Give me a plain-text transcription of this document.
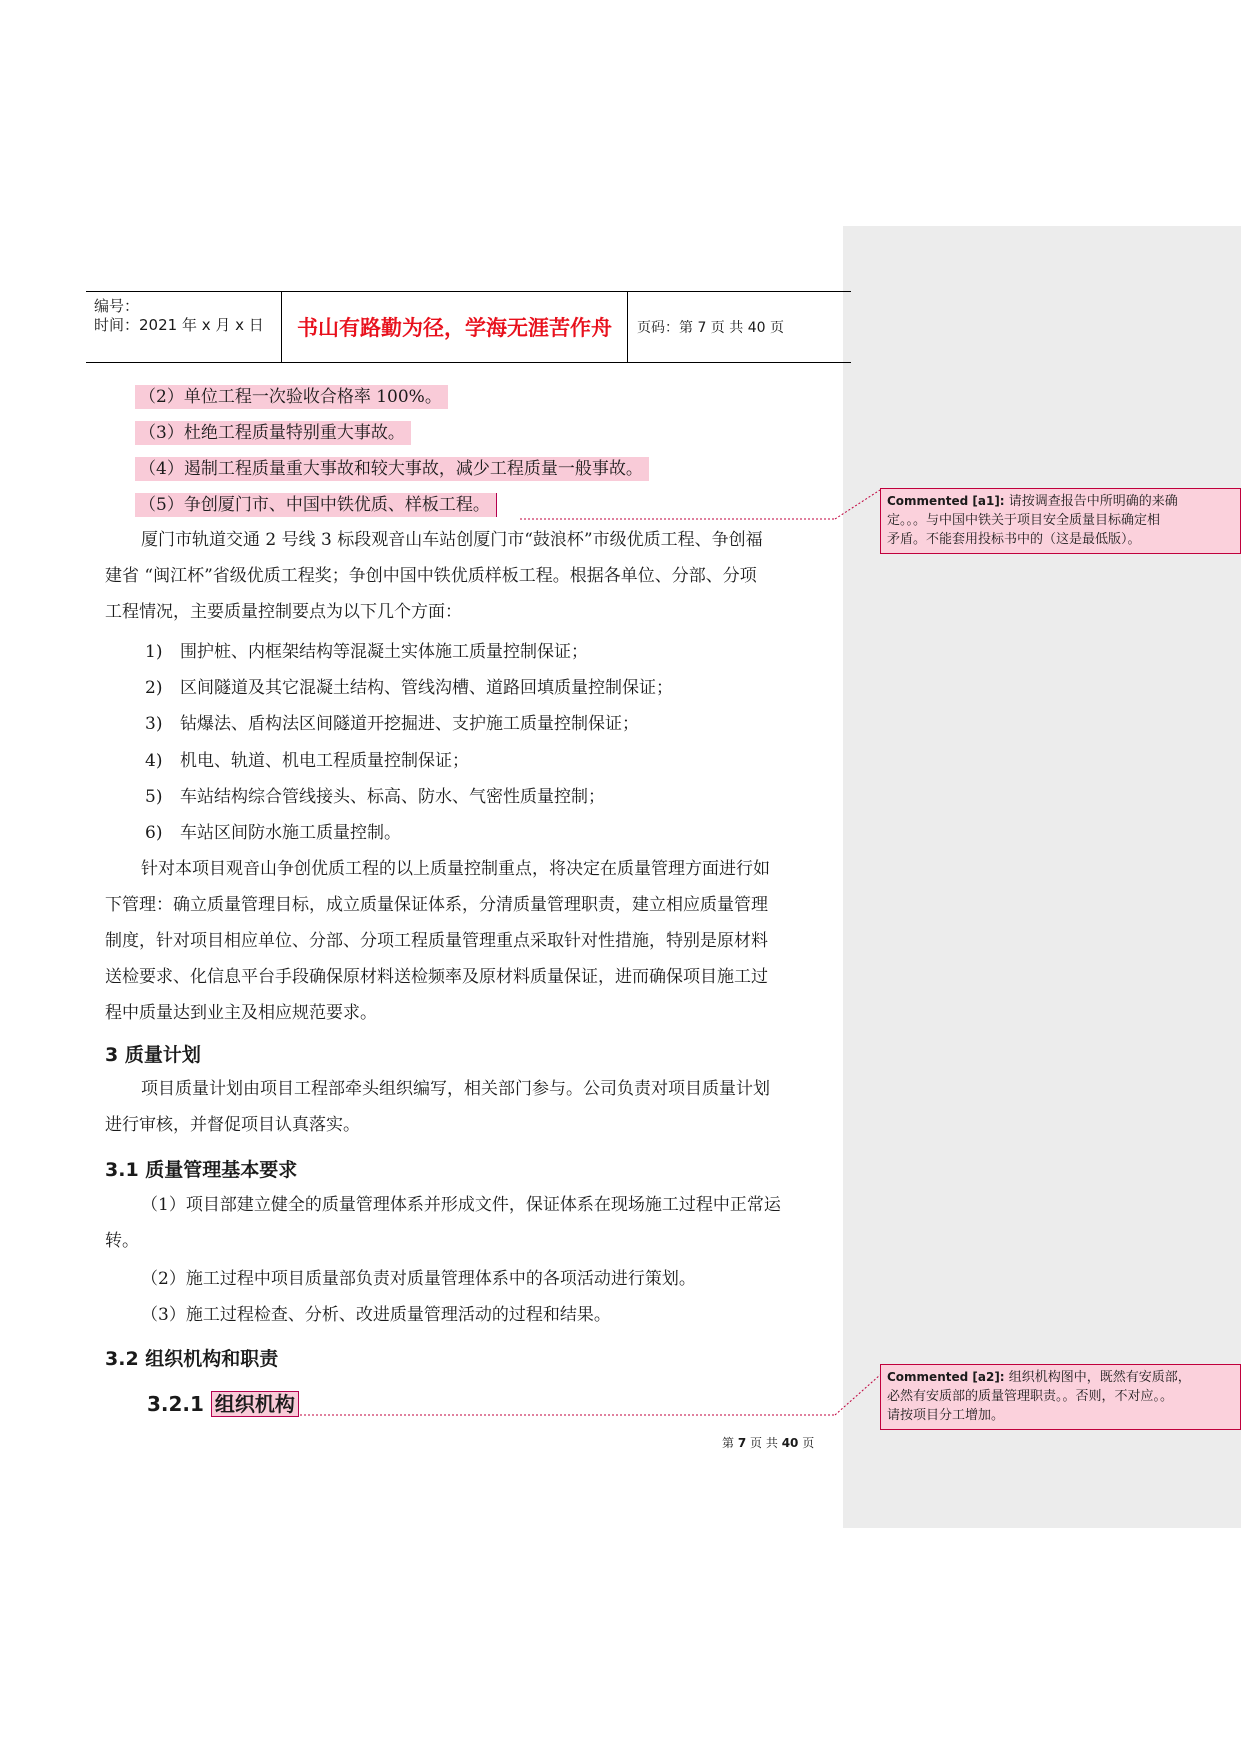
编号：
时间：2021 年 x 月 x 日	书山有路勤为径，学海无涯苦作舟	页码：第 7 页 共 40 页
（2）单位工程一次验收合格率 100%。
（3）杜绝工程质量特别重大事故。
（4）遏制工程质量重大事故和较大事故，减少工程质量一般事故。
（5）争创厦门市、中国中铁优质、样板工程。
厦门市轨道交通 2 号线 3 标段观音山车站创厦门市“鼓浪杯”市级优质工程、争创福
建省 “闽江杯”省级优质工程奖；争创中国中铁优质样板工程。根据各单位、分部、分项
工程情况，主要质量控制要点为以下几个方面：
1) 围护桩、内框架结构等混凝土实体施工质量控制保证；
2) 区间隧道及其它混凝土结构、管线沟槽、道路回填质量控制保证；
3) 钻爆法、盾构法区间隧道开挖掘进、支护施工质量控制保证；
4) 机电、轨道、机电工程质量控制保证；
5) 车站结构综合管线接头、标高、防水、气密性质量控制；
6) 车站区间防水施工质量控制。
针对本项目观音山争创优质工程的以上质量控制重点，将决定在质量管理方面进行如
下管理：确立质量管理目标，成立质量保证体系，分清质量管理职责，建立相应质量管理
制度，针对项目相应单位、分部、分项工程质量管理重点采取针对性措施，特别是原材料
送检要求、化信息平台手段确保原材料送检频率及原材料质量保证，进而确保项目施工过
程中质量达到业主及相应规范要求。
3 质量计划
项目质量计划由项目工程部牵头组织编写，相关部门参与。公司负责对项目质量计划
进行审核，并督促项目认真落实。
3.1 质量管理基本要求
（1）项目部建立健全的质量管理体系并形成文件，保证体系在现场施工过程中正常运
转。
（2）施工过程中项目质量部负责对质量管理体系中的各项活动进行策划。
（3）施工过程检查、分析、改进质量管理活动的过程和结果。
3.2 组织机构和职责
3.2.1 组织机构
Commented [a1]: 请按调查报告中所明确的来确
定。。。与中国中铁关于项目安全质量目标确定相
矛盾。不能套用投标书中的（这是最低版）。
Commented [a2]: 组织机构图中，既然有安质部，
必然有安质部的质量管理职责。。否则，不对应。。
请按项目分工增加。
第 7 页 共 40 页
